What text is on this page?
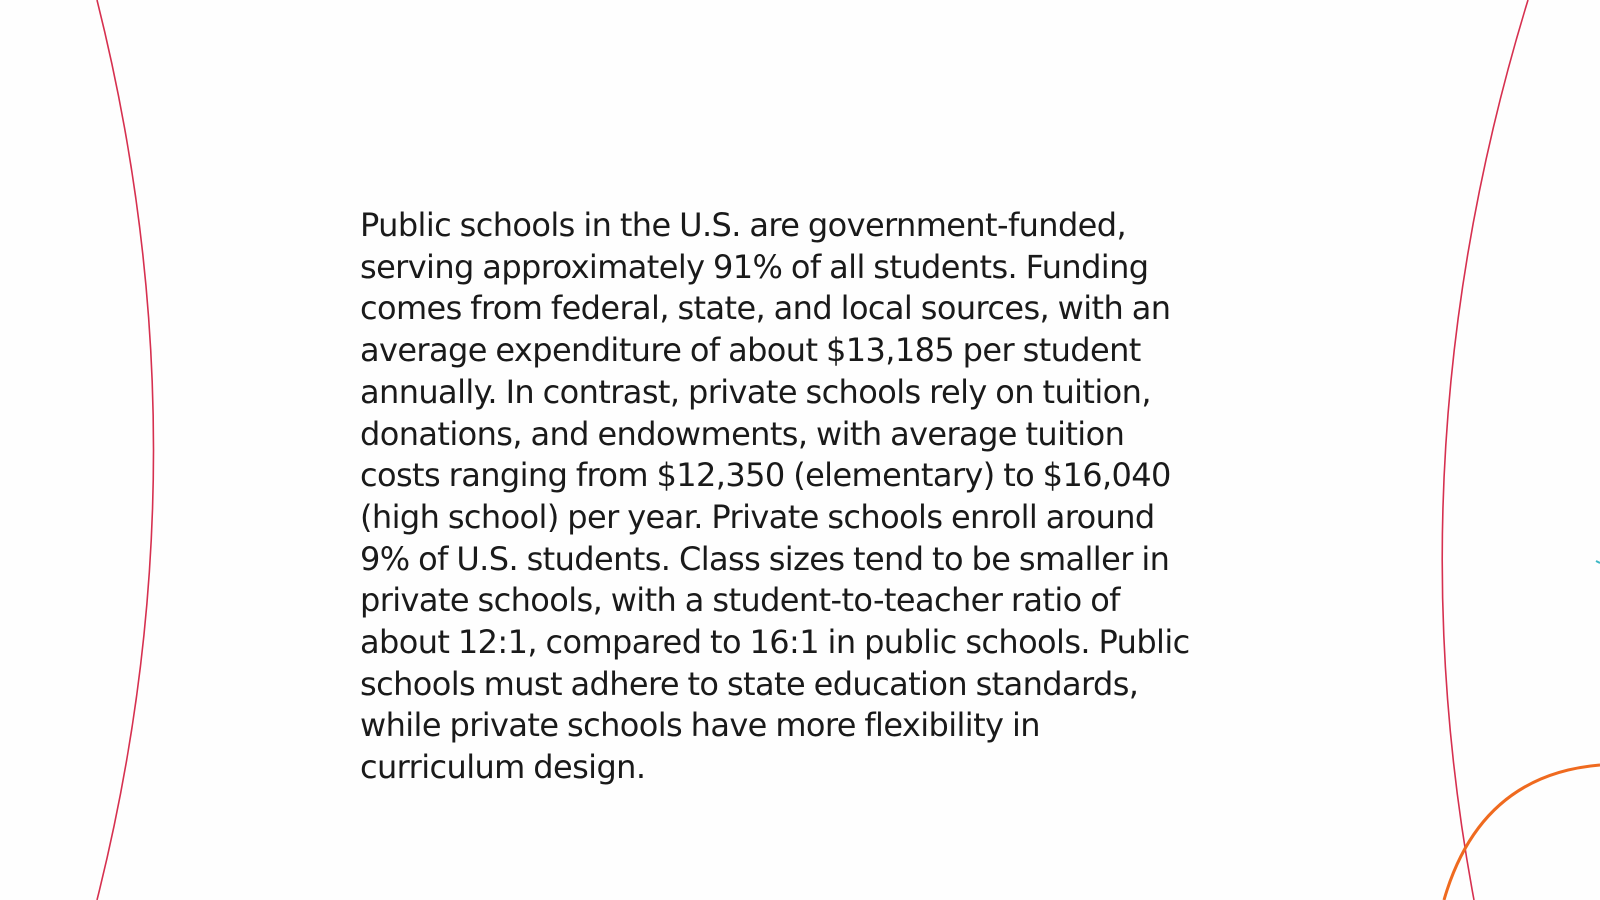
Public schools in the U.S. are government-funded,
serving approximately 91% of all students. Funding
comes from federal, state, and local sources, with an
average expenditure of about $13,185 per student
annually. In contrast, private schools rely on tuition,
donations, and endowments, with average tuition
costs ranging from $12,350 (elementary) to $16,040
(high school) per year. Private schools enroll around
9% of U.S. students. Class sizes tend to be smaller in
private schools, with a student-to-teacher ratio of
about 12:1, compared to 16:1 in public schools. Public
schools must adhere to state education standards,
while private schools have more flexibility in
curriculum design.
